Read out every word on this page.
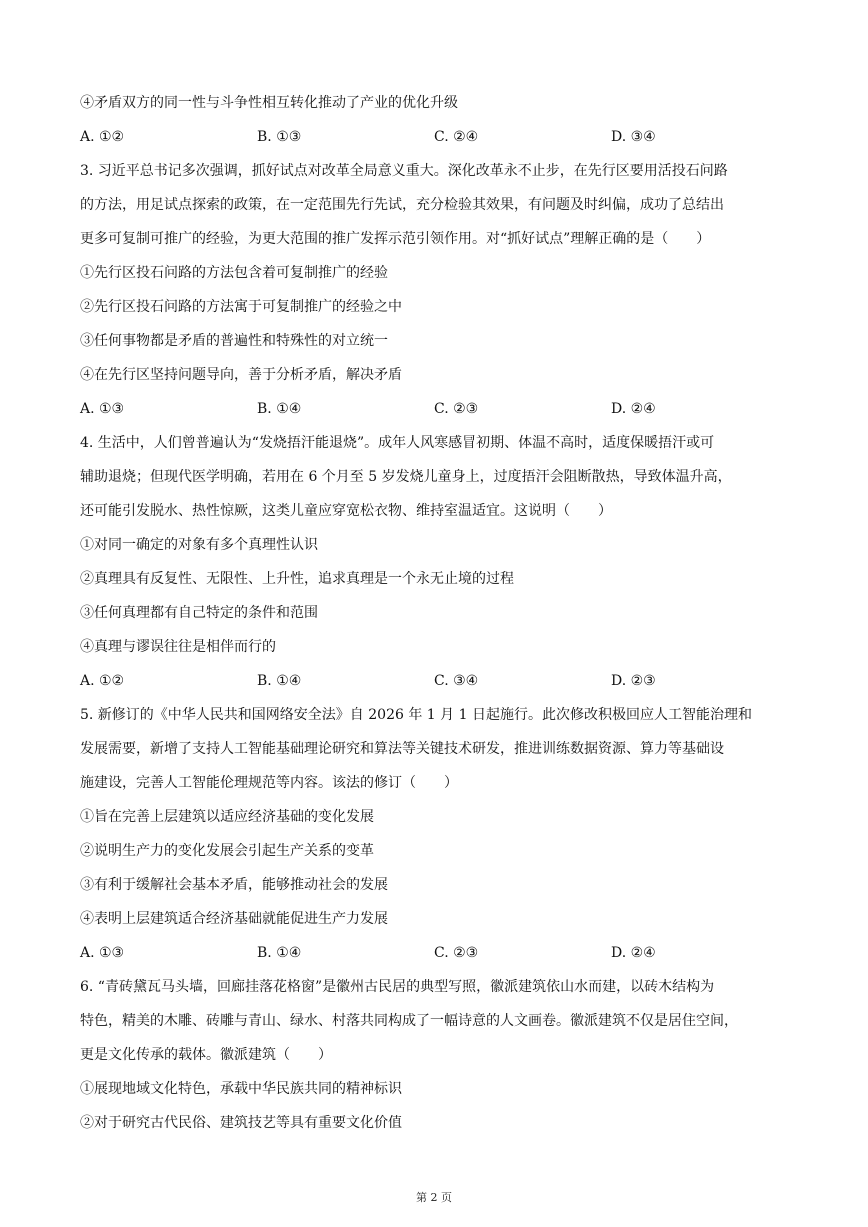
④矛盾双方的同一性与斗争性相互转化推动了产业的优化升级
A. ①②	B. ①③	C. ②④	D. ③④
3. 习近平总书记多次强调，抓好试点对改革全局意义重大。深化改革永不止步，在先行区要用活投石问路
的方法，用足试点探索的政策，在一定范围先行先试，充分检验其效果，有问题及时纠偏，成功了总结出
更多可复制可推广的经验，为更大范围的推广发挥示范引领作用。对“抓好试点”理解正确的是（　　）
①先行区投石问路的方法包含着可复制推广的经验
②先行区投石问路的方法寓于可复制推广的经验之中
③任何事物都是矛盾的普遍性和特殊性的对立统一
④在先行区坚持问题导向，善于分析矛盾，解决矛盾
A. ①③	B. ①④	C. ②③	D. ②④
4. 生活中，人们曾普遍认为“发烧捂汗能退烧”。成年人风寒感冒初期、体温不高时，适度保暖捂汗或可
辅助退烧；但现代医学明确，若用在 6 个月至 5 岁发烧儿童身上，过度捂汗会阻断散热，导致体温升高，
还可能引发脱水、热性惊厥，这类儿童应穿宽松衣物、维持室温适宜。这说明（　　）
①对同一确定的对象有多个真理性认识
②真理具有反复性、无限性、上升性，追求真理是一个永无止境的过程
③任何真理都有自己特定的条件和范围
④真理与谬误往往是相伴而行的
A. ①②	B. ①④	C. ③④	D. ②③
5. 新修订的《中华人民共和国网络安全法》自 2026 年 1 月 1 日起施行。此次修改积极回应人工智能治理和
发展需要，新增了支持人工智能基础理论研究和算法等关键技术研发，推进训练数据资源、算力等基础设
施建设，完善人工智能伦理规范等内容。该法的修订（　　）
①旨在完善上层建筑以适应经济基础的变化发展
②说明生产力的变化发展会引起生产关系的变革
③有利于缓解社会基本矛盾，能够推动社会的发展
④表明上层建筑适合经济基础就能促进生产力发展
A. ①③	B. ①④	C. ②③	D. ②④
6. “青砖黛瓦马头墙，回廊挂落花格窗”是徽州古民居的典型写照，徽派建筑依山水而建，以砖木结构为
特色，精美的木雕、砖雕与青山、绿水、村落共同构成了一幅诗意的人文画卷。徽派建筑不仅是居住空间，
更是文化传承的载体。徽派建筑（　　）
①展现地域文化特色，承载中华民族共同的精神标识
②对于研究古代民俗、建筑技艺等具有重要文化价值
第 2 页
